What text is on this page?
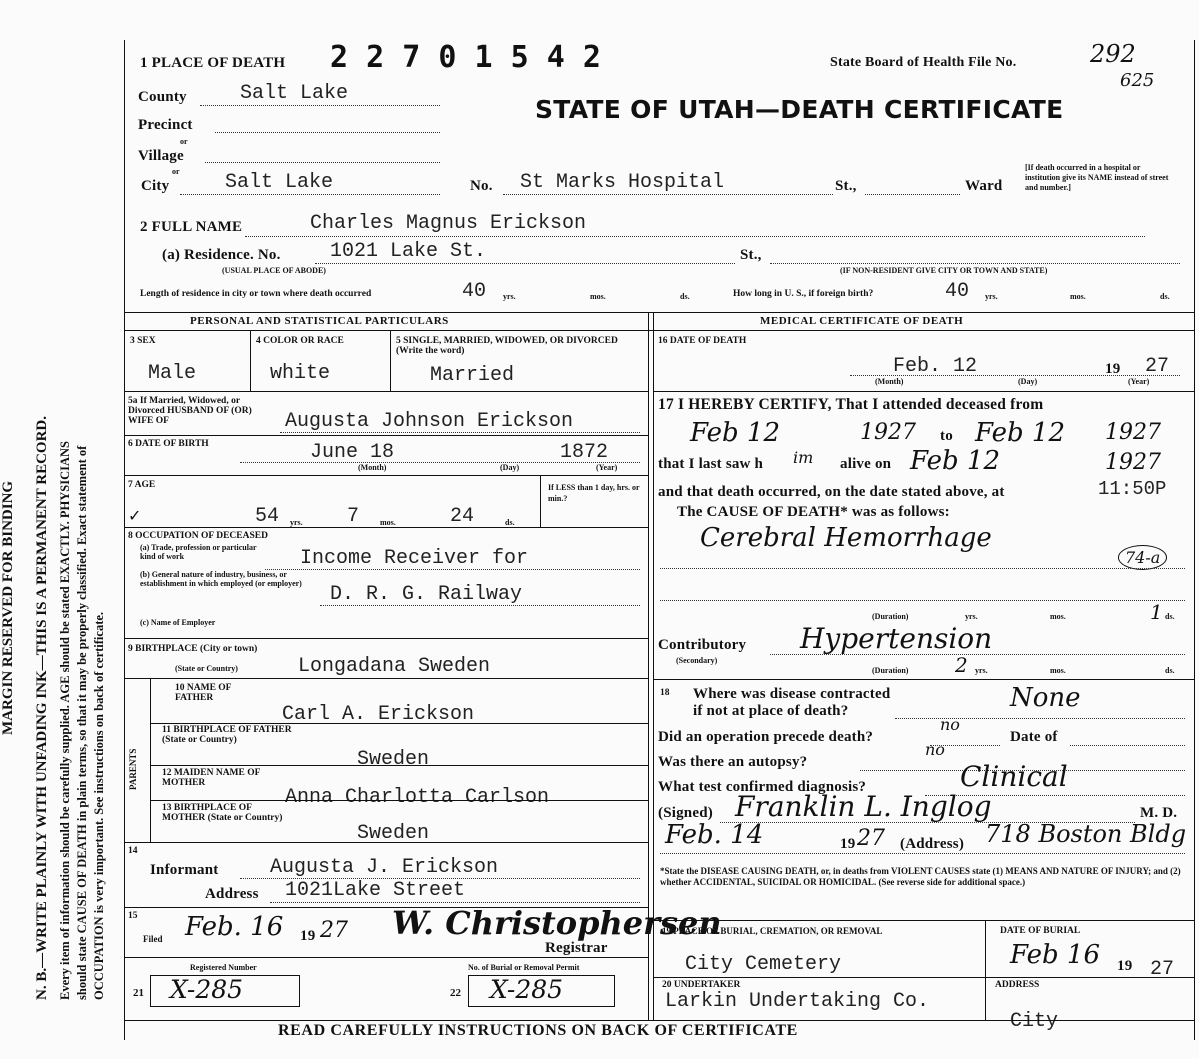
MARGIN RESERVED FOR BINDING N. B.—WRITE PLAINLY WITH UNFADING INK—THIS IS A PERMANENT RECORD. Every item of information should be carefully supplied. AGE should be stated EXACTLY. PHYSICIANS should state CAUSE OF DEATH in plain terms, so that it may be properly classified. Exact statement of OCCUPATION is very important. See instructions on back of certificate.
1 PLACE OF DEATH 2 2 7 0 1 5 4 2	State Board of Health File No.	292
625
STATE OF UTAH—DEATH CERTIFICATE
County	Salt Lake
Precinct
or
Village
or
City	Salt Lake	No. St Marks Hospital	St.,	Ward
[If death occurred in a hospital or institution give its NAME instead of street and number.]
2 FULL NAME	Charles Magnus Erickson
(a) Residence. No. 1021 Lake St.	St.,
(USUAL PLACE OF ABODE)	(IF NON-RESIDENT GIVE CITY OR TOWN AND STATE)
Length of residence in city or town where death occurred	40 yrs.	mos.	ds.	How long in U. S., if foreign birth?	40 yrs.	mos.	ds.
PERSONAL AND STATISTICAL PARTICULARS	MEDICAL CERTIFICATE OF DEATH
3 SEX
Male
4 COLOR OR RACE
white
5 SINGLE, MARRIED, WIDOWED, OR DIVORCED (Write the word)
Married
5a If Married, Widowed, or Divorced HUSBAND OF (OR) WIFE OF	Augusta Johnson Erickson
6 DATE OF BIRTH	June 18	1872
(Month)	(Day)	(Year)
7 AGE
✓	54 yrs. 7	mos.	24	ds.
If LESS than 1 day, hrs. or min.?
8 OCCUPATION OF DECEASED
(a) Trade, profession or particular kind of work	Income Receiver for
(b) General nature of industry, business, or establishment in which employed (or employer)	D. R. G. Railway
(c) Name of Employer
9 BIRTHPLACE (City or town)
(State or Country)	Longadana Sweden
PARENTS
10 NAME OF FATHER
Carl A. Erickson
11 BIRTHPLACE OF FATHER (State or Country)
Sweden
12 MAIDEN NAME OF MOTHER
Anna Charlotta Carlson
13 BIRTHPLACE OF MOTHER (State or Country)
Sweden
14
Informant	Augusta J. Erickson
Address 1021Lake Street
15
Filed Feb. 16 19 27 W. Christophersen
Registrar
Registered Number
21 X-285
No. of Burial or Removal Permit
22 X-285
16 DATE OF DEATH
Feb. 12	19 27
(Month)	(Day)	(Year)
17 I HEREBY CERTIFY, That I attended deceased from
Feb 12	1927 to Feb 12 1927
that I last saw h im alive on Feb 12	1927
and that death occurred, on the date stated above, at	11:50P
The CAUSE OF DEATH* was as follows:
Cerebral Hemorrhage
74-a
(Duration)	yrs.	mos.	1 ds.
Contributory
(Secondary)
Hypertension
(Duration) 2 yrs.	mos.	ds.
18 Where was disease contracted
if not at place of death?	None
Did an operation precede death?
no
Date of
Was there an autopsy?
no
What test confirmed diagnosis?	Clinical
(Signed) Franklin L. Inglog	M. D.
Feb. 14	19 27 (Address) 718 Boston Bldg
*State the DISEASE CAUSING DEATH, or, in deaths from VIOLENT CAUSES state (1) MEANS AND NATURE OF INJURY; and (2) whether ACCIDENTAL, SUICIDAL OR HOMICIDAL. (See reverse side for additional space.)
19 PLACE OF BURIAL, CREMATION, OR REMOVAL	DATE OF BURIAL
City Cemetery	Feb 16 19 27
20 UNDERTAKER
Larkin Undertaking Co.
ADDRESS
City
READ CAREFULLY INSTRUCTIONS ON BACK OF CERTIFICATE
